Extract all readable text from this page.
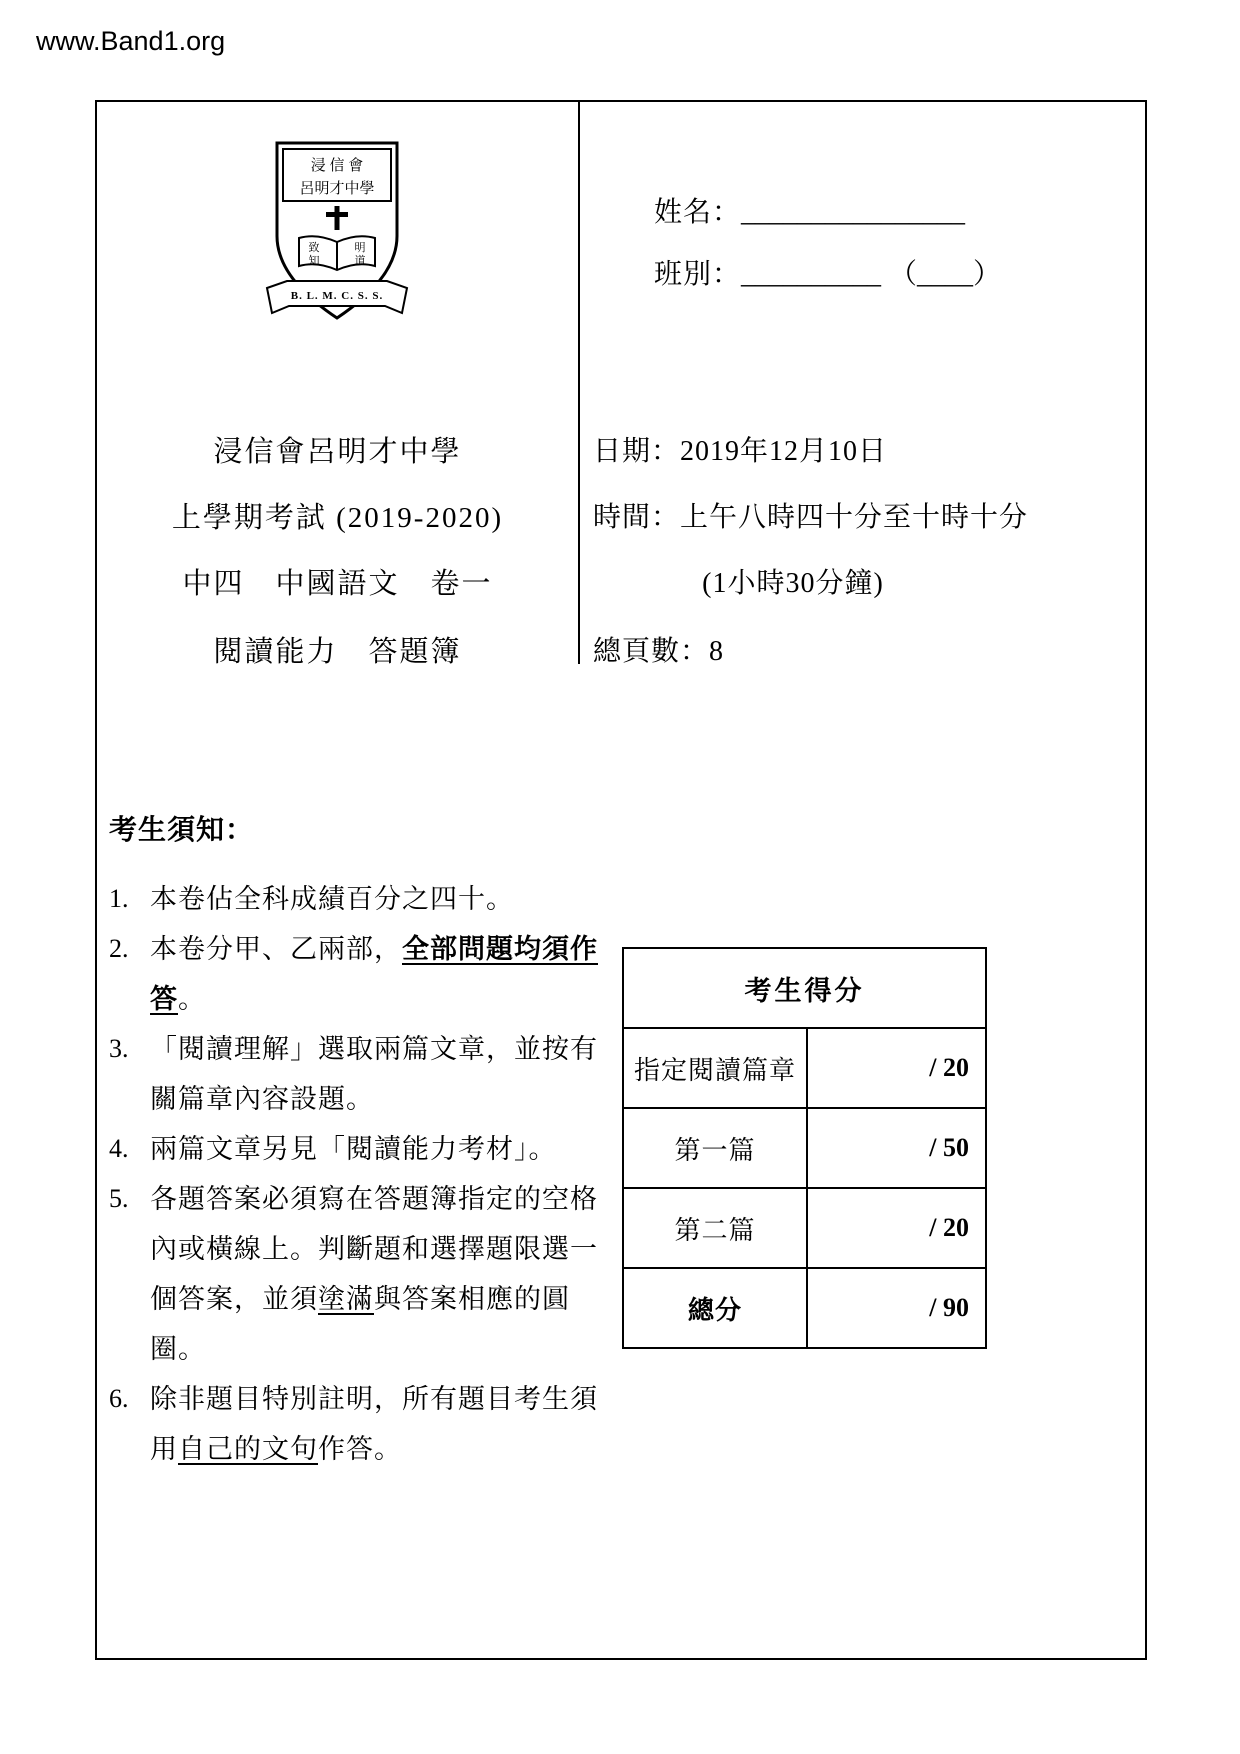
www.Band1.org
浸 信 會
呂明才中學
致
知
明
道
B. L. M. C. S. S.
姓名：________________
班別：__________ （____）
浸信會呂明才中學
上學期考試 (2019-2020)
中四　中國語文　卷一
閱讀能力　答題簿
日期：2019年12月10日
時間：上午八時四十分至十時十分
(1小時30分鐘)
總頁數：8
考生須知：
1. 本卷佔全科成績百分之四十。
2. 本卷分甲、乙兩部，全部問題均須作答。
3. 「閱讀理解」選取兩篇文章，並按有關篇章內容設題。
4. 兩篇文章另見「閱讀能力考材」。
5. 各題答案必須寫在答題簿指定的空格內或橫線上。判斷題和選擇題限選一個答案，並須塗滿與答案相應的圓圈。
6. 除非題目特別註明，所有題目考生須用自己的文句作答。
考生得分
指定閱讀篇章	/ 20
第一篇	/ 50
第二篇	/ 20
總分	/ 90
